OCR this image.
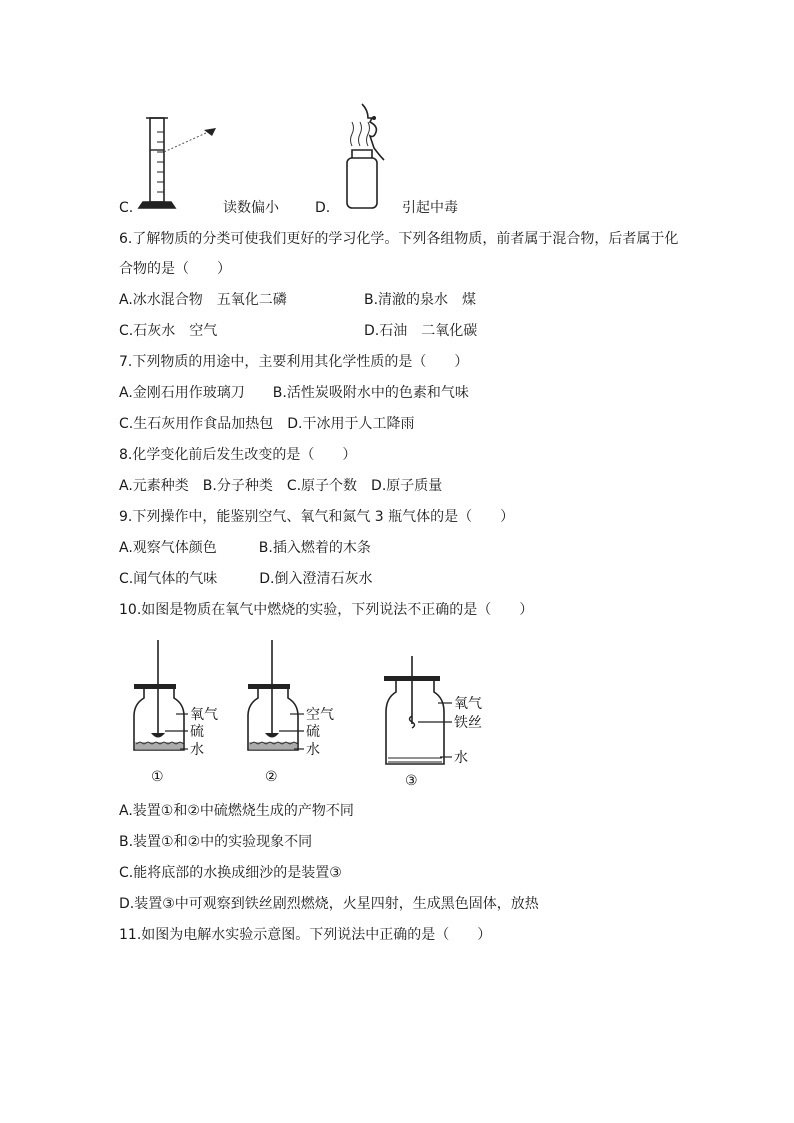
C.	读数偏小	D.	引起中毒
6.了解物质的分类可使我们更好的学习化学。下列各组物质，前者属于混合物，后者属于化
合物的是（　　）
A.冰水混合物　五氧化二磷	B.清澈的泉水　煤
C.石灰水　空气	D.石油　二氧化碳
7.下列物质的用途中，主要利用其化学性质的是（　　）
A.金刚石用作玻璃刀　　B.活性炭吸附水中的色素和气味
C.生石灰用作食品加热包　D.干冰用于人工降雨
8.化学变化前后发生改变的是（　　）
A.元素种类　B.分子种类　C.原子个数　D.原子质量
9.下列操作中，能鉴别空气、氧气和氮气 3 瓶气体的是（　　）
A.观察气体颜色　　　B.插入燃着的木条
C.闻气体的气味　　　D.倒入澄清石灰水
10.如图是物质在氧气中燃烧的实验，下列说法不正确的是（　　）
氧气
硫
水
①
空气
硫
水
②
氧气
铁丝
水
③
A.装置①和②中硫燃烧生成的产物不同
B.装置①和②中的实验现象不同
C.能将底部的水换成细沙的是装置③
D.装置③中可观察到铁丝剧烈燃烧，火星四射，生成黑色固体，放热
11.如图为电解水实验示意图。下列说法中正确的是（　　）
